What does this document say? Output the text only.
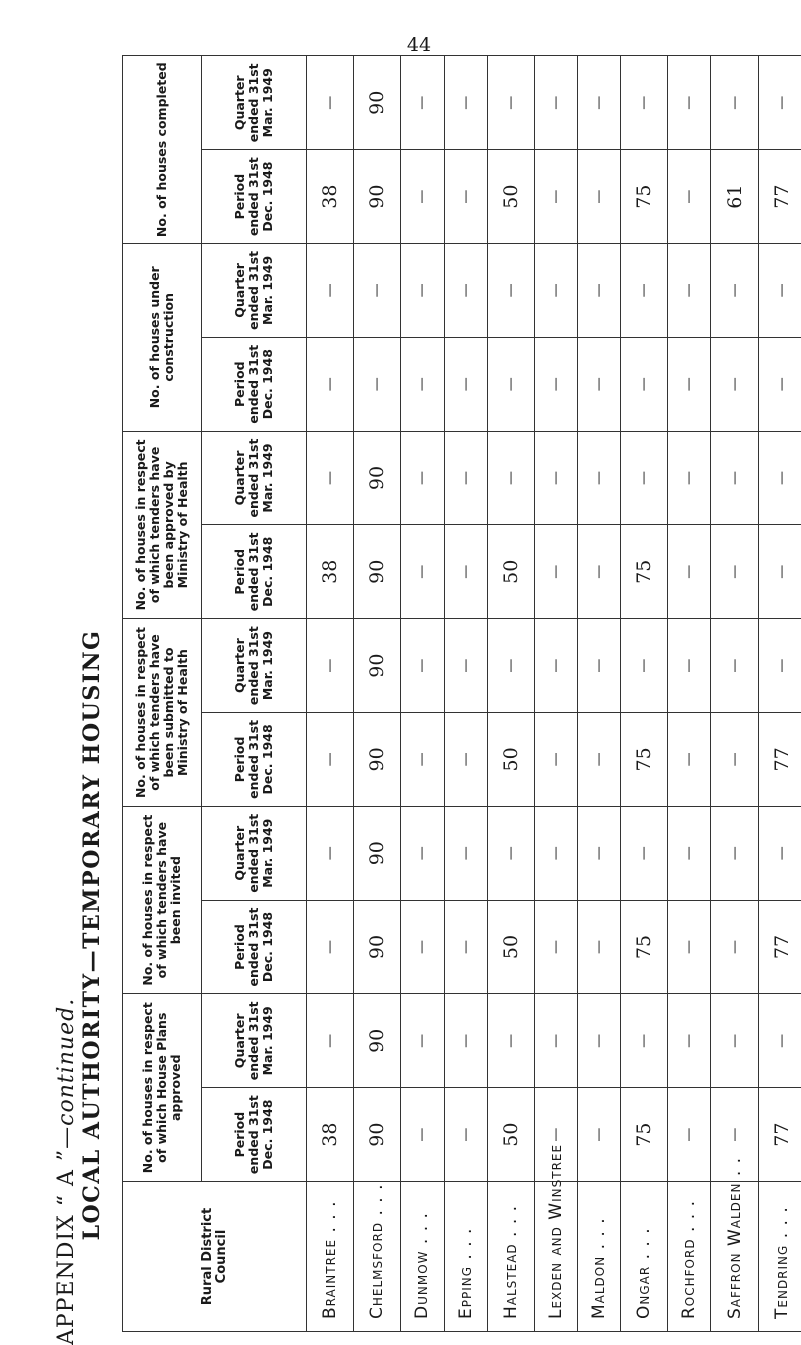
44
APPENDIX “ A ”—continued. LOCAL AUTHORITY—TEMPORARY HOUSING
Rural District Council	No. of houses in respect of which House Plans approved		No. of houses in respect of which tenders have been invited		No. of houses in respect of which tenders have been submitted to Ministry of Health		No. of houses in respect of which tenders have been approved by Ministry of Health		No. of houses under construction		No. of houses completed	
	Period ended 31st Dec. 1948	Quarter ended 31st Mar. 1949	Period ended 31st Dec. 1948	Quarter ended 31st Mar. 1949	Period ended 31st Dec. 1948	Quarter ended 31st Mar. 1949	Period ended 31st Dec. 1948	Quarter ended 31st Mar. 1949	Period ended 31st Dec. 1948	Quarter ended 31st Mar. 1949	Period ended 31st Dec. 1948	Quarter ended 31st Mar. 1949
Braintree . . .	38	—	—	—	—	—	38	—	—	—	38	—
Chelmsford . . .	90	90	90	90	90	90	90	90	—	—	90	90
Dunmow . . .	—	—	—	—	—	—	—	—	—	—	—	—
Epping . . .	—	—	—	—	—	—	—	—	—	—	—	—
Halstead . . .	50	—	50	—	50	—	50	—	—	—	50	—
Lexden and Winstree	—	—	—	—	—	—	—	—	—	—	—	—
Maldon . . .	—	—	—	—	—	—	—	—	—	—	—	—
Ongar . . .	75	—	75	—	75	—	75	—	—	—	75	—
Rochford . . .	—	—	—	—	—	—	—	—	—	—	—	—
Saffron Walden . .	—	—	—	—	—	—	—	—	—	—	61	—
Tendring . . .	77	—	77	—	77	—	—	—	—	—	77	—
